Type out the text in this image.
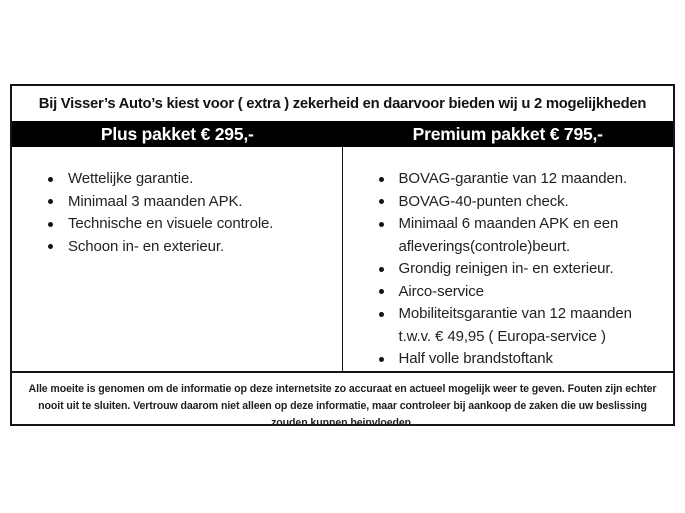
Bij Visser’s Auto’s kiest voor ( extra ) zekerheid en daarvoor bieden wij u 2 mogelijkheden
Plus pakket € 295,-	Premium pakket € 795,-
Wettelijke garantie.
Minimaal 3 maanden APK.
Technische en visuele controle.
Schoon in- en exterieur.
BOVAG-garantie van 12 maanden.
BOVAG-40-punten check.
Minimaal 6 maanden APK en een afleverings(controle)beurt.
Grondig reinigen in- en exterieur.
Airco-service
Mobiliteitsgarantie van 12 maanden t.w.v. € 49,95 ( Europa-service )
Half volle brandstoftank
Alle moeite is genomen om de informatie op deze internetsite zo accuraat en actueel mogelijk weer te geven. Fouten zijn echter nooit uit te sluiten. Vertrouw daarom niet alleen op deze informatie, maar controleer bij aankoop de zaken die uw beslissing zouden kunnen beinvloeden.
